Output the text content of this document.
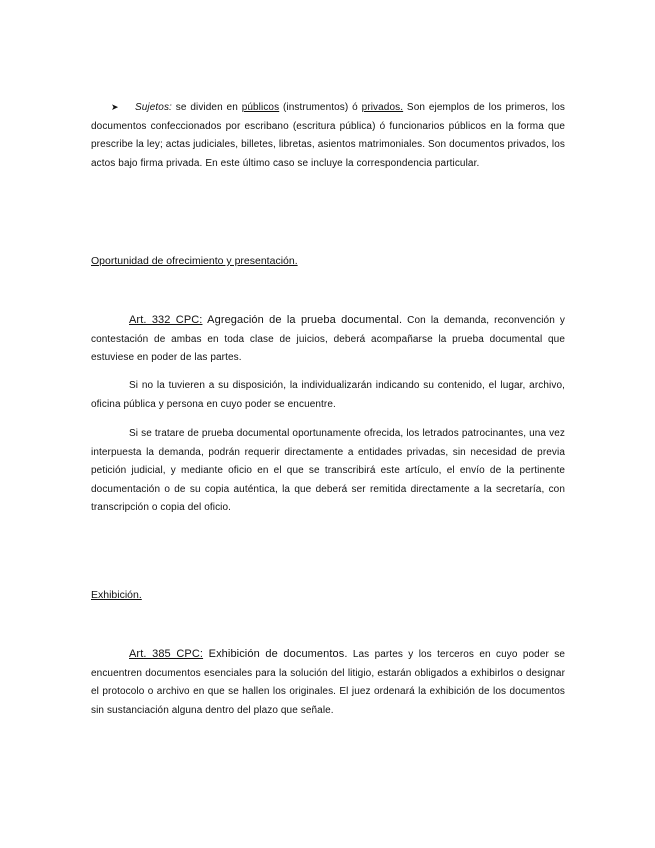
➤ Sujetos: se dividen en públicos (instrumentos) ó privados. Son ejemplos de los primeros, los documentos confeccionados por escribano (escritura pública) ó funcionarios públicos en la forma que prescribe la ley; actas judiciales, billetes, libretas, asientos matrimoniales. Son documentos privados, los actos bajo firma privada. En este último caso se incluye la correspondencia particular.

Oportunidad de ofrecimiento y presentación.

Art. 332 CPC: Agregación de la prueba documental. Con la demanda, reconvención y contestación de ambas en toda clase de juicios, deberá acompañarse la prueba documental que estuviese en poder de las partes.

Si no la tuvieren a su disposición, la individualizarán indicando su contenido, el lugar, archivo, oficina pública y persona en cuyo poder se encuentre.

Si se tratare de prueba documental oportunamente ofrecida, los letrados patrocinantes, una vez interpuesta la demanda, podrán requerir directamente a entidades privadas, sin necesidad de previa petición judicial, y mediante oficio en el que se transcribirá este artículo, el envío de la pertinente documentación o de su copia auténtica, la que deberá ser remitida directamente a la secretaría, con transcripción o copia del oficio.

Exhibición.

Art. 385 CPC: Exhibición de documentos. Las partes y los terceros en cuyo poder se encuentren documentos esenciales para la solución del litigio, estarán obligados a exhibirlos o designar el protocolo o archivo en que se hallen los originales. El juez ordenará la exhibición de los documentos sin sustanciación alguna dentro del plazo que señale.
